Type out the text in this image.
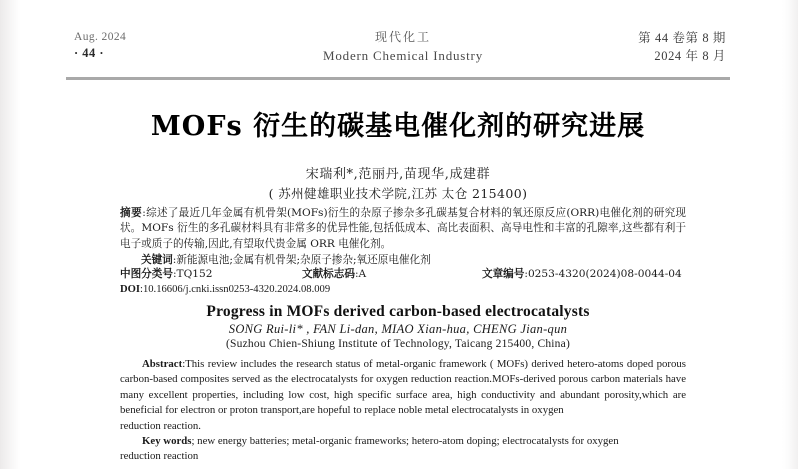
Aug. 2024
· 44 ·
现代化工
Modern Chemical Industry
第 44 卷第 8 期
2024 年 8 月
MOFs 衍生的碳基电催化剂的研究进展
宋瑞利*,范丽丹,苗现华,成建群
( 苏州健雄职业技术学院,江苏 太仓 215400)
摘要:综述了最近几年金属有机骨架(MOFs)衍生的杂原子掺杂多孔碳基复合材料的氧还原反应(ORR)电催化剂的研究现状。MOFs 衍生的多孔碳材料具有非常多的优异性能,包括低成本、高比表面积、高导电性和丰富的孔隙率,这些都有利于电子或质子的传输,因此,有望取代贵金属 ORR 电催化剂。
关键词:新能源电池;金属有机骨架;杂原子掺杂;氧还原电催化剂
中图分类号:TQ152	文献标志码:A	文章编号:0253-4320(2024)08-0044-04
DOI:10.16606/j.cnki.issn0253-4320.2024.08.009
Progress in MOFs derived carbon-based electrocatalysts
SONG Rui-li* , FAN Li-dan, MIAO Xian-hua, CHENG Jian-qun
(Suzhou Chien-Shiung Institute of Technology, Taicang 215400, China)

Abstract:This review includes the research status of metal-organic framework ( MOFs) derived hetero-atoms doped porous carbon-based composites served as the electrocatalysts for oxygen reduction reaction.MOFs-derived porous carbon materials have many excellent properties, including low cost, high specific surface area, high conductivity and abundant porosity,which are beneficial for electron or proton transport,are hopeful to replace noble metal electrocatalysts in oxygen

reduction reaction.

Key words; new energy batteries; metal-organic frameworks; hetero-atom doping; electrocatalysts for oxygen
reduction reaction
